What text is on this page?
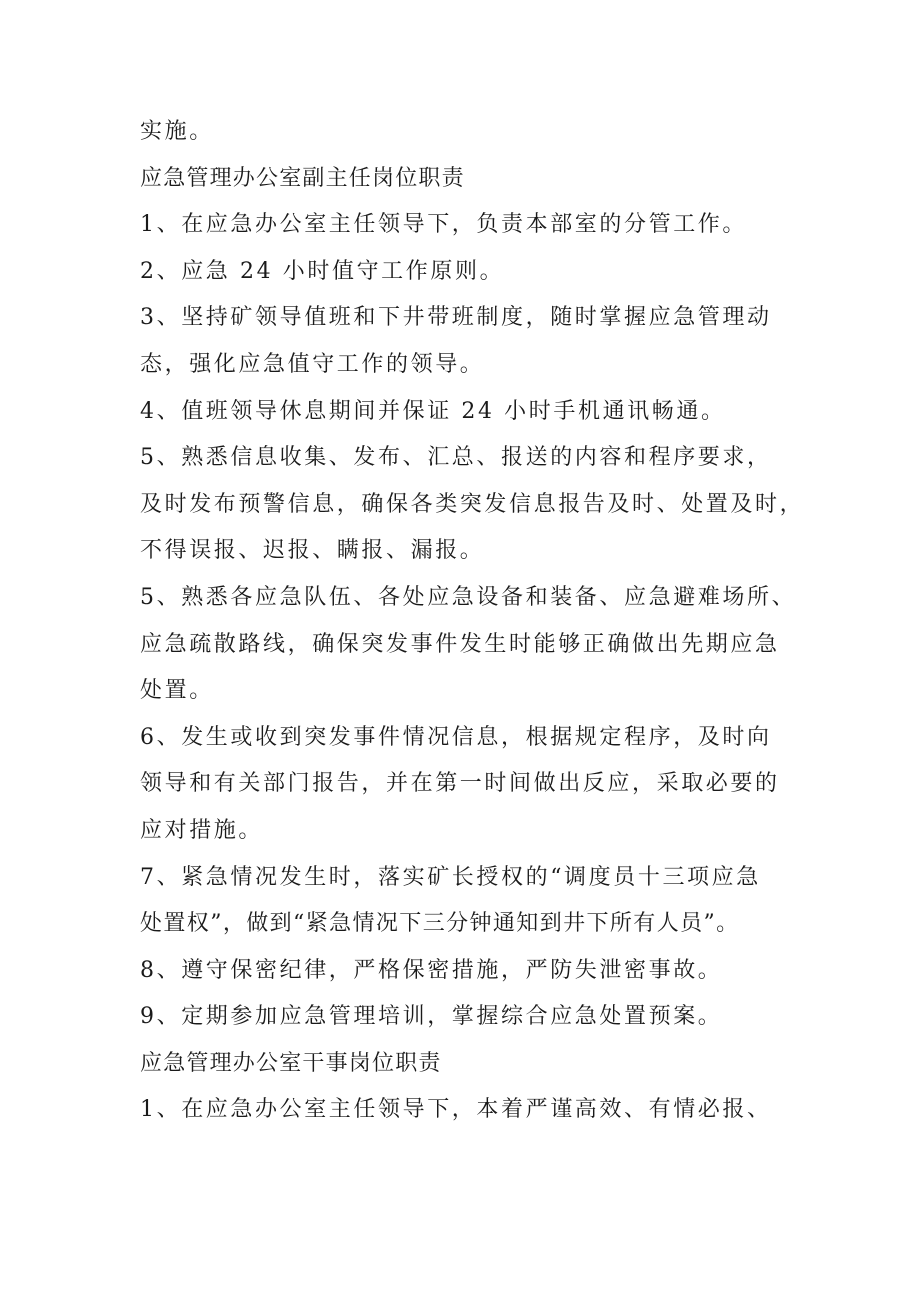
实施。
应急管理办公室副主任岗位职责
1、在应急办公室主任领导下，负责本部室的分管工作。
2、应急 24 小时值守工作原则。
3、坚持矿领导值班和下井带班制度，随时掌握应急管理动
态，强化应急值守工作的领导。
4、值班领导休息期间并保证 24 小时手机通讯畅通。
5、熟悉信息收集、发布、汇总、报送的内容和程序要求，
及时发布预警信息，确保各类突发信息报告及时、处置及时，
不得误报、迟报、瞒报、漏报。
5、熟悉各应急队伍、各处应急设备和装备、应急避难场所、
应急疏散路线，确保突发事件发生时能够正确做出先期应急
处置。
6、发生或收到突发事件情况信息，根据规定程序，及时向
领导和有关部门报告，并在第一时间做出反应，采取必要的
应对措施。
7、紧急情况发生时，落实矿长授权的“调度员十三项应急
处置权”，做到“紧急情况下三分钟通知到井下所有人员”。
8、遵守保密纪律，严格保密措施，严防失泄密事故。
9、定期参加应急管理培训，掌握综合应急处置预案。
应急管理办公室干事岗位职责
1、在应急办公室主任领导下，本着严谨高效、有情必报、
